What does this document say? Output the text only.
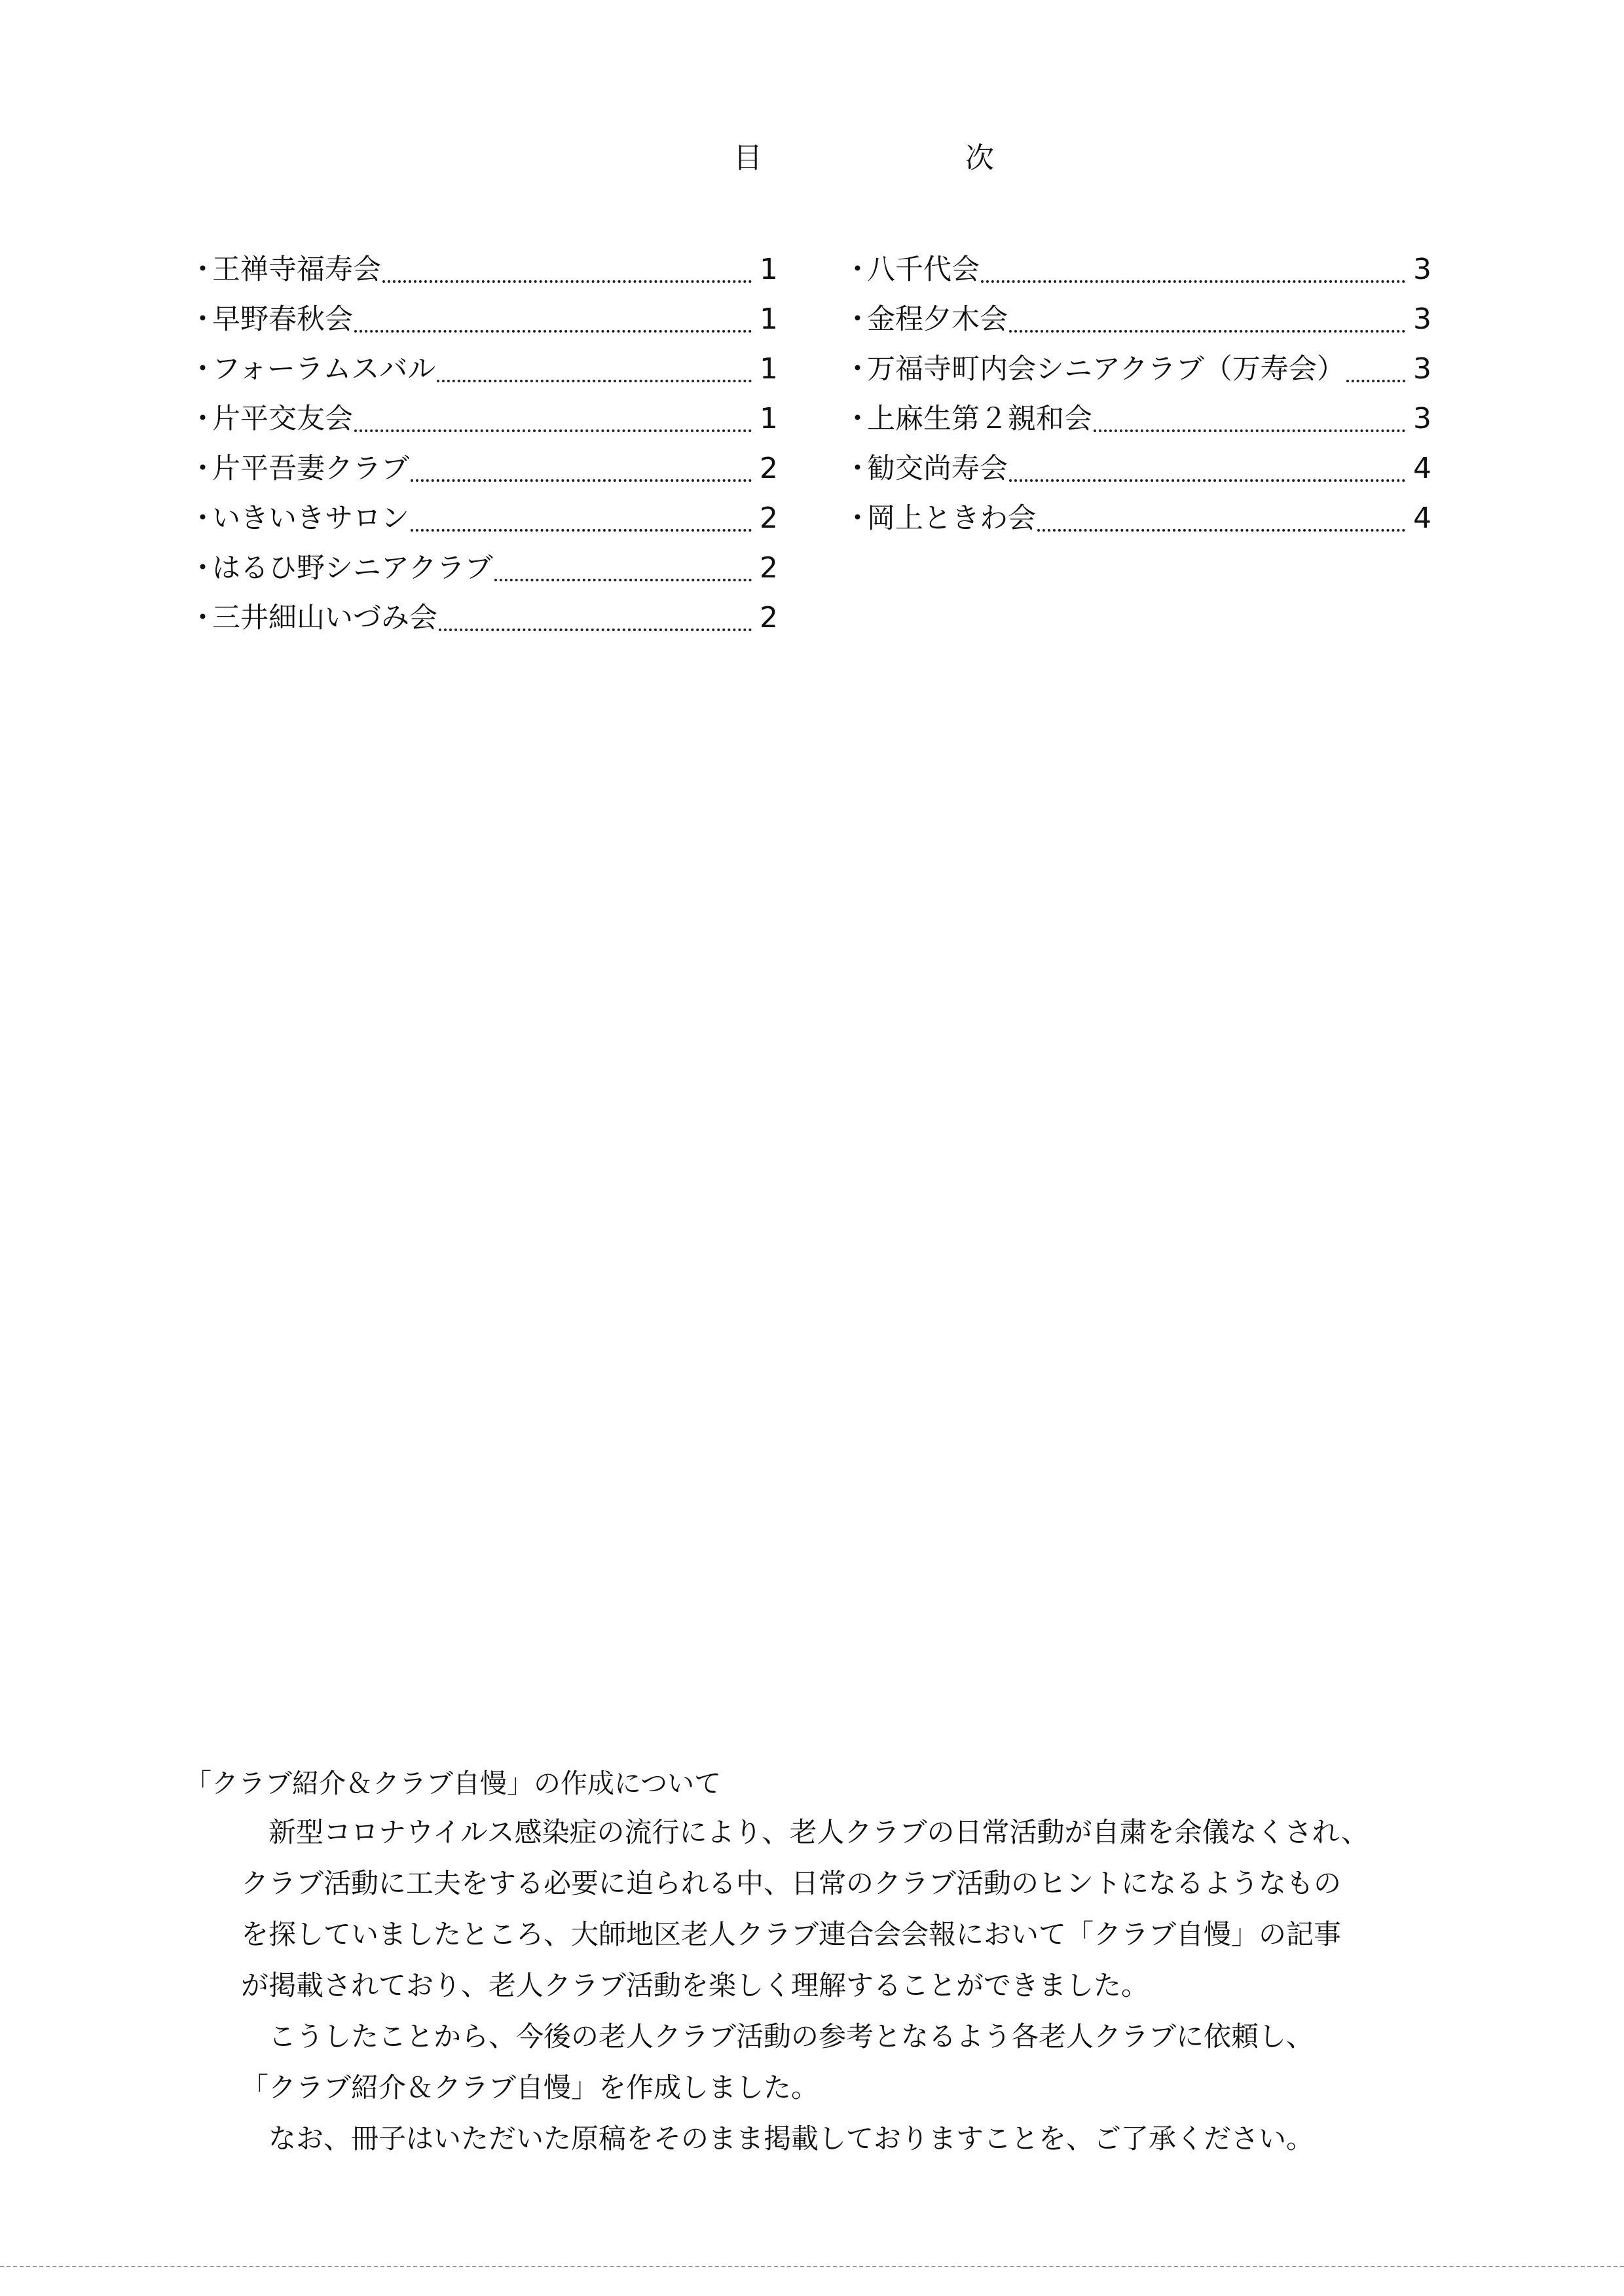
目 次
・
王禅寺福寿会	1
・
早野春秋会	1
・
フォーラムスバル	1
・
片平交友会	1
・
片平吾妻クラブ	2
・
いきいきサロン	2
・
はるひ野シニアクラブ	2
・
三井細山いづみ会	2
・
八千代会	3
・
金程夕木会	3
・
万福寺町内会シニアクラブ（万寿会） 3
・
上麻生第２親和会	3
・
勧交尚寿会	4
・
岡上ときわ会	4
「クラブ紹介＆クラブ自慢」の作成について
新型コロナウイルス感染症の流行により、老人クラブの日常活動が自粛を余儀なくされ、
クラブ活動に工夫をする必要に迫られる中、日常のクラブ活動のヒントになるようなもの
を探していましたところ、大師地区老人クラブ連合会会報において「クラブ自慢」の記事
が掲載されており、老人クラブ活動を楽しく理解することができました。
こうしたことから、今後の老人クラブ活動の参考となるよう各老人クラブに依頼し、
「クラブ紹介＆クラブ自慢」を作成しました。
なお、冊子はいただいた原稿をそのまま掲載しておりますことを、ご了承ください。
